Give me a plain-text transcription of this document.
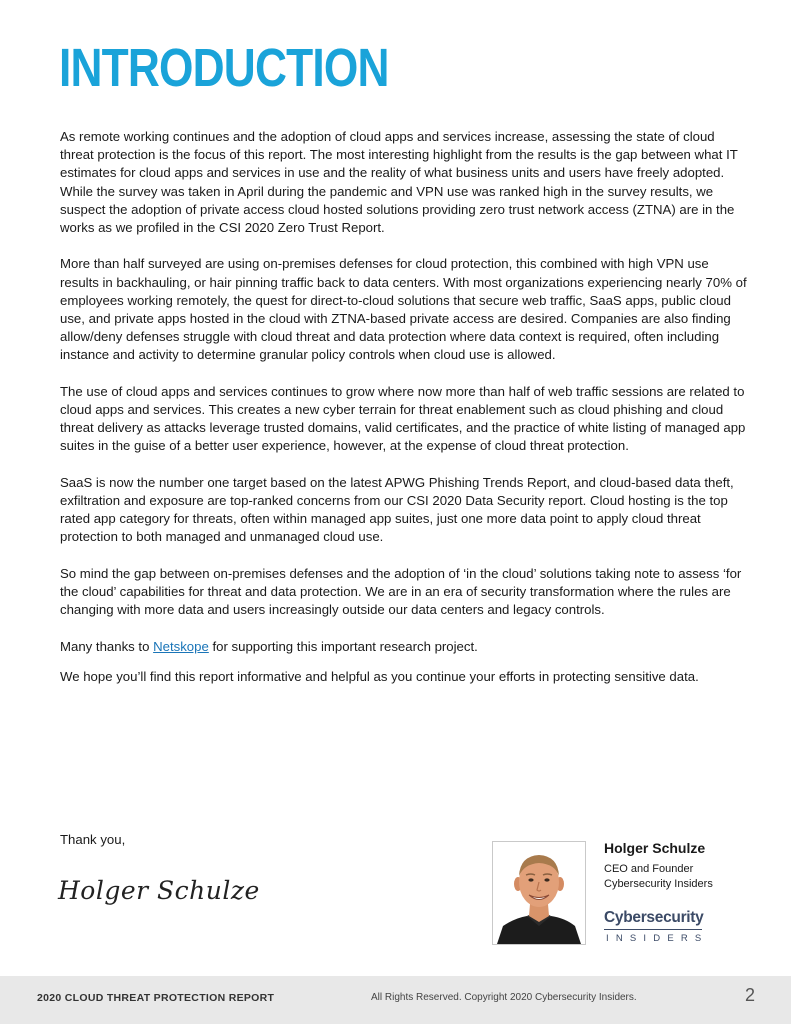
INTRODUCTION

As remote working continues and the adoption of cloud apps and services increase, assessing the state of cloud threat protection is the focus of this report. The most interesting highlight from the results is the gap between what IT estimates for cloud apps and services in use and the reality of what business units and users have freely adopted. While the survey was taken in April during the pandemic and VPN use was ranked high in the survey results, we suspect the adoption of private access cloud hosted solutions providing zero trust network access (ZTNA) are in the works as we profiled in the CSI 2020 Zero Trust Report.

More than half surveyed are using on-premises defenses for cloud protection, this combined with high VPN use results in backhauling, or hair pinning traffic back to data centers. With most organizations experiencing nearly 70% of employees working remotely, the quest for direct-to-cloud solutions that secure web traffic, SaaS apps, public cloud use, and private apps hosted in the cloud with ZTNA-based private access are desired. Companies are also finding allow/deny defenses struggle with cloud threat and data protection where data context is required, often including instance and activity to determine granular policy controls when cloud use is allowed.

The use of cloud apps and services continues to grow where now more than half of web traffic sessions are related to cloud apps and services. This creates a new cyber terrain for threat enablement such as cloud phishing and cloud threat delivery as attacks leverage trusted domains, valid certificates, and the practice of white listing of managed app suites in the guise of a better user experience, however, at the expense of cloud threat protection.

SaaS is now the number one target based on the latest APWG Phishing Trends Report, and cloud-based data theft, exfiltration and exposure are top-ranked concerns from our CSI 2020 Data Security report. Cloud hosting is the top rated app category for threats, often within managed app suites, just one more data point to apply cloud threat protection to both managed and unmanaged cloud use.

So mind the gap between on-premises defenses and the adoption of ‘in the cloud’ solutions taking note to assess ‘for the cloud’ capabilities for threat and data protection. We are in an era of security transformation where the rules are changing with more data and users increasingly outside our data centers and legacy controls.

Many thanks to Netskope for supporting this important research project.

We hope you’ll find this report informative and helpful as you continue your efforts in protecting sensitive data.

Thank you,
Holger Schulze
Holger Schulze
CEO and Founder
Cybersecurity Insiders
Cybersecurity
INSIDERS
2020 CLOUD THREAT PROTECTION REPORT	All Rights Reserved. Copyright 2020 Cybersecurity Insiders.	2
